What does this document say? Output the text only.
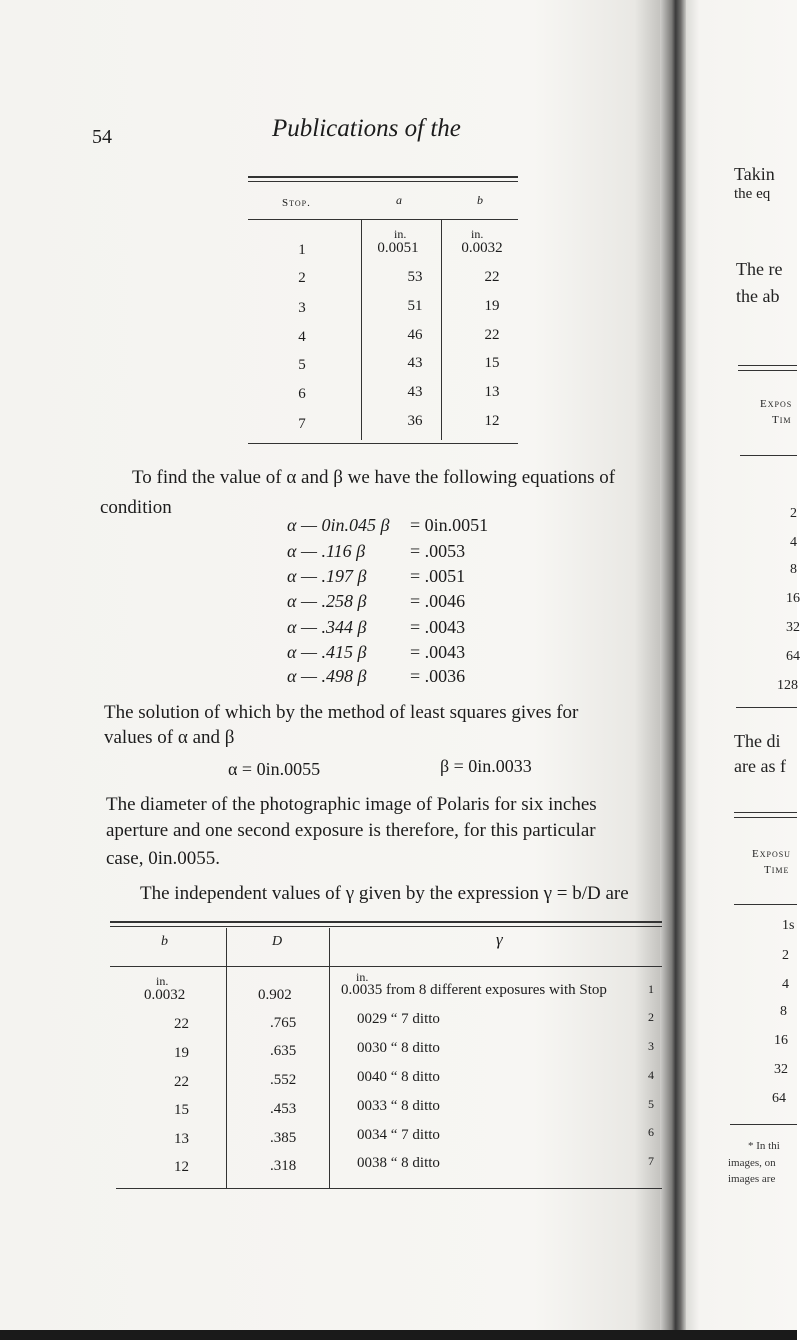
54	Publications of the
Stop.	a	b
in.	in.
1	0.0051	0.0032
2	53	22
3	51	19
4	46	22
5	43	15
6	43	13
7	36	12
To find the value of α and β we have the following equations of
condition
α — 0in.045 β = 0in.0051
α — .116 β = .0053
α — .197 β = .0051
α — .258 β = .0046
α — .344 β = .0043
α — .415 β = .0043
α — .498 β = .0036
The solution of which by the method of least squares gives for
values of α and β
α = 0in.0055	β = 0in.0033
The diameter of the photographic image of Polaris for six inches
aperture and one second exposure is therefore, for this particular
case, 0in.0055.
The independent values of γ given by the expression γ = b/D are
b	D	γ
in.	in.
0.0032	0.902	0.0035 from 8 different exposures with Stop	1
22	.765	0029 “ 7 ditto	2
19	.635	0030 “ 8 ditto	3
22	.552	0040 “ 8 ditto	4
15	.453	0033 “ 8 ditto	5
13	.385	0034 “ 7 ditto	6
12	.318	0038 “ 8 ditto	7
Takin
the eq
The re
the ab
Expos
Tim
2
4
8
16
32
64
128
The di
are as f
Exposu
Time
1s
2
4
8
16
32
64
* In thi
images, on
images are
